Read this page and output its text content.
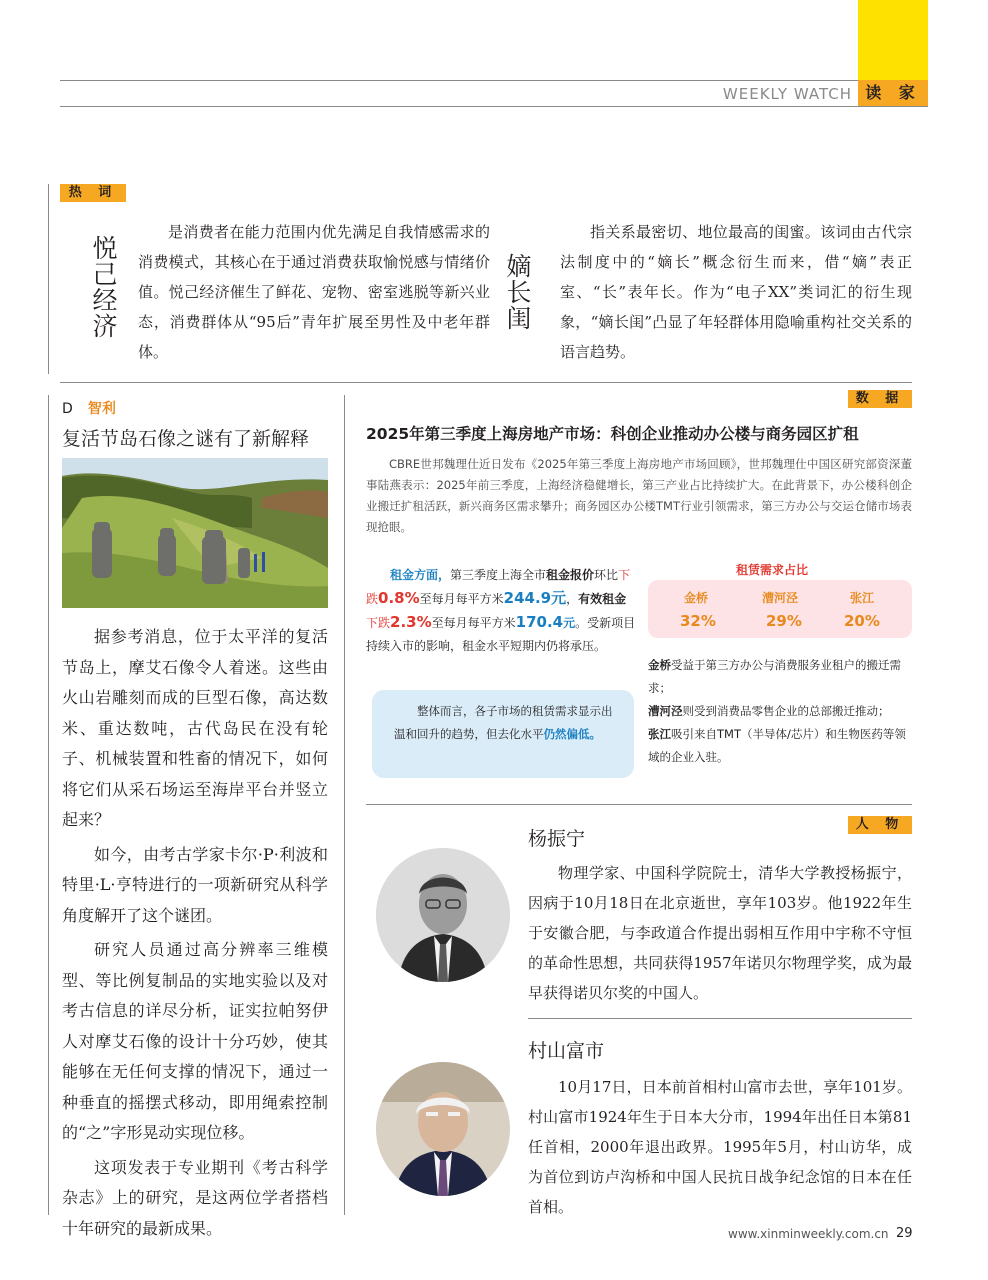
WEEKLY WATCH 读 家
热 词
悦
己
经
济
是消费者在能力范围内优先满足自我情感需求的消费模式，其核心在于通过消费获取愉悦感与情绪价值。悦己经济催生了鲜花、宠物、密室逃脱等新兴业态，消费群体从“95后”青年扩展至男性及中老年群体。
嫡
长
闺
指关系最密切、地位最高的闺蜜。该词由古代宗法制度中的“嫡长”概念衍生而来，借“嫡”表正室、“长”表年长。作为“电子XX”类词汇的衍生现象，“嫡长闺”凸显了年轻群体用隐喻重构社交关系的语言趋势。
D 智利
复活节岛石像之谜有了新解释

据参考消息，位于太平洋的复活节岛上，摩艾石像令人着迷。这些由火山岩雕刻而成的巨型石像，高达数米、重达数吨，古代岛民在没有轮子、机械装置和牲畜的情况下，如何将它们从采石场运至海岸平台并竖立起来？

如今，由考古学家卡尔·P·利波和特里·L·亨特进行的一项新研究从科学角度解开了这个谜团。

研究人员通过高分辨率三维模型、等比例复制品的实地实验以及对考古信息的详尽分析，证实拉帕努伊人对摩艾石像的设计十分巧妙，使其能够在无任何支撑的情况下，通过一种垂直的摇摆式移动，即用绳索控制的“之”字形晃动实现位移。

这项发表于专业期刊《考古科学杂志》上的研究，是这两位学者搭档十年研究的最新成果。

数 据
2025年第三季度上海房地产市场：科创企业推动办公楼与商务园区扩租
CBRE世邦魏理仕近日发布《2025年第三季度上海房地产市场回顾》，世邦魏理仕中国区研究部资深董事陆燕表示：2025年前三季度，上海经济稳健增长，第三产业占比持续扩大。在此背景下，办公楼科创企业搬迁扩租活跃，新兴商务区需求攀升；商务园区办公楼TMT行业引领需求，第三方办公与交运仓储市场表现抢眼。
租金方面，第三季度上海全市租金报价环比下跌0.8%至每月每平方米244.9元，有效租金下跌2.3%至每月每平方米170.4元。受新项目持续入市的影响，租金水平短期内仍将承压。
整体而言，各子市场的租赁需求显示出温和回升的趋势，但去化水平仍然偏低。
租赁需求占比
金桥
32%
漕河泾
29%
张江
20%
金桥受益于第三方办公与消费服务业租户的搬迁需求；
漕河泾则受到消费品零售企业的总部搬迁推动；
张江吸引来自TMT（半导体/芯片）和生物医药等领域的企业入驻。
人 物
杨振宁
物理学家、中国科学院院士，清华大学教授杨振宁，因病于10月18日在北京逝世，享年103岁。他1922年生于安徽合肥，与李政道合作提出弱相互作用中宇称不守恒的革命性思想，共同获得1957年诺贝尔物理学奖，成为最早获得诺贝尔奖的中国人。
村山富市
10月17日，日本前首相村山富市去世，享年101岁。村山富市1924年生于日本大分市，1994年出任日本第81任首相，2000年退出政界。1995年5月，村山访华，成为首位到访卢沟桥和中国人民抗日战争纪念馆的日本在任首相。
www.xinminweekly.com.cn 29
